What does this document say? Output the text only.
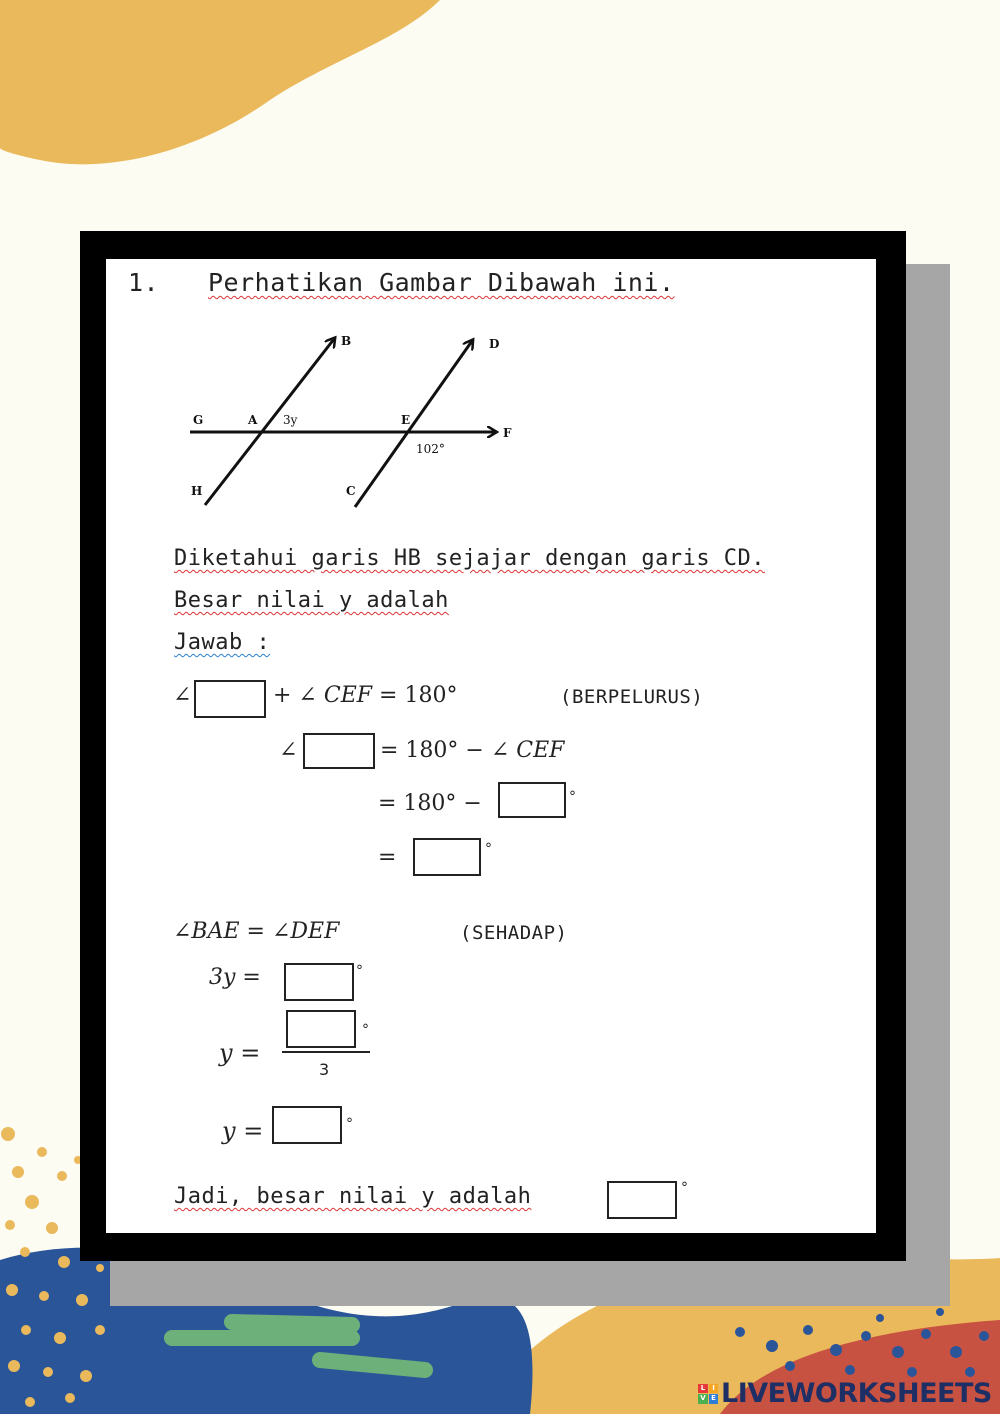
1. Perhatikan Gambar Dibawah ini.
B	D
G	A 3y	E
F
102°
H	C
Diketahui garis HB sejajar dengan garis CD.
Besar nilai y adalah
Jawab :
∠	+ ∠ CEF = 180°	(BERPELURUS)
∠	= 180° − ∠ CEF
= 180° −	°
=	°
∠BAE = ∠DEF	(SEHADAP)
3y =	°
y =
°
3
y =	°
Jadi, besar nilai y adalah	°
L	I
V E LIVEWORKSHEETS
